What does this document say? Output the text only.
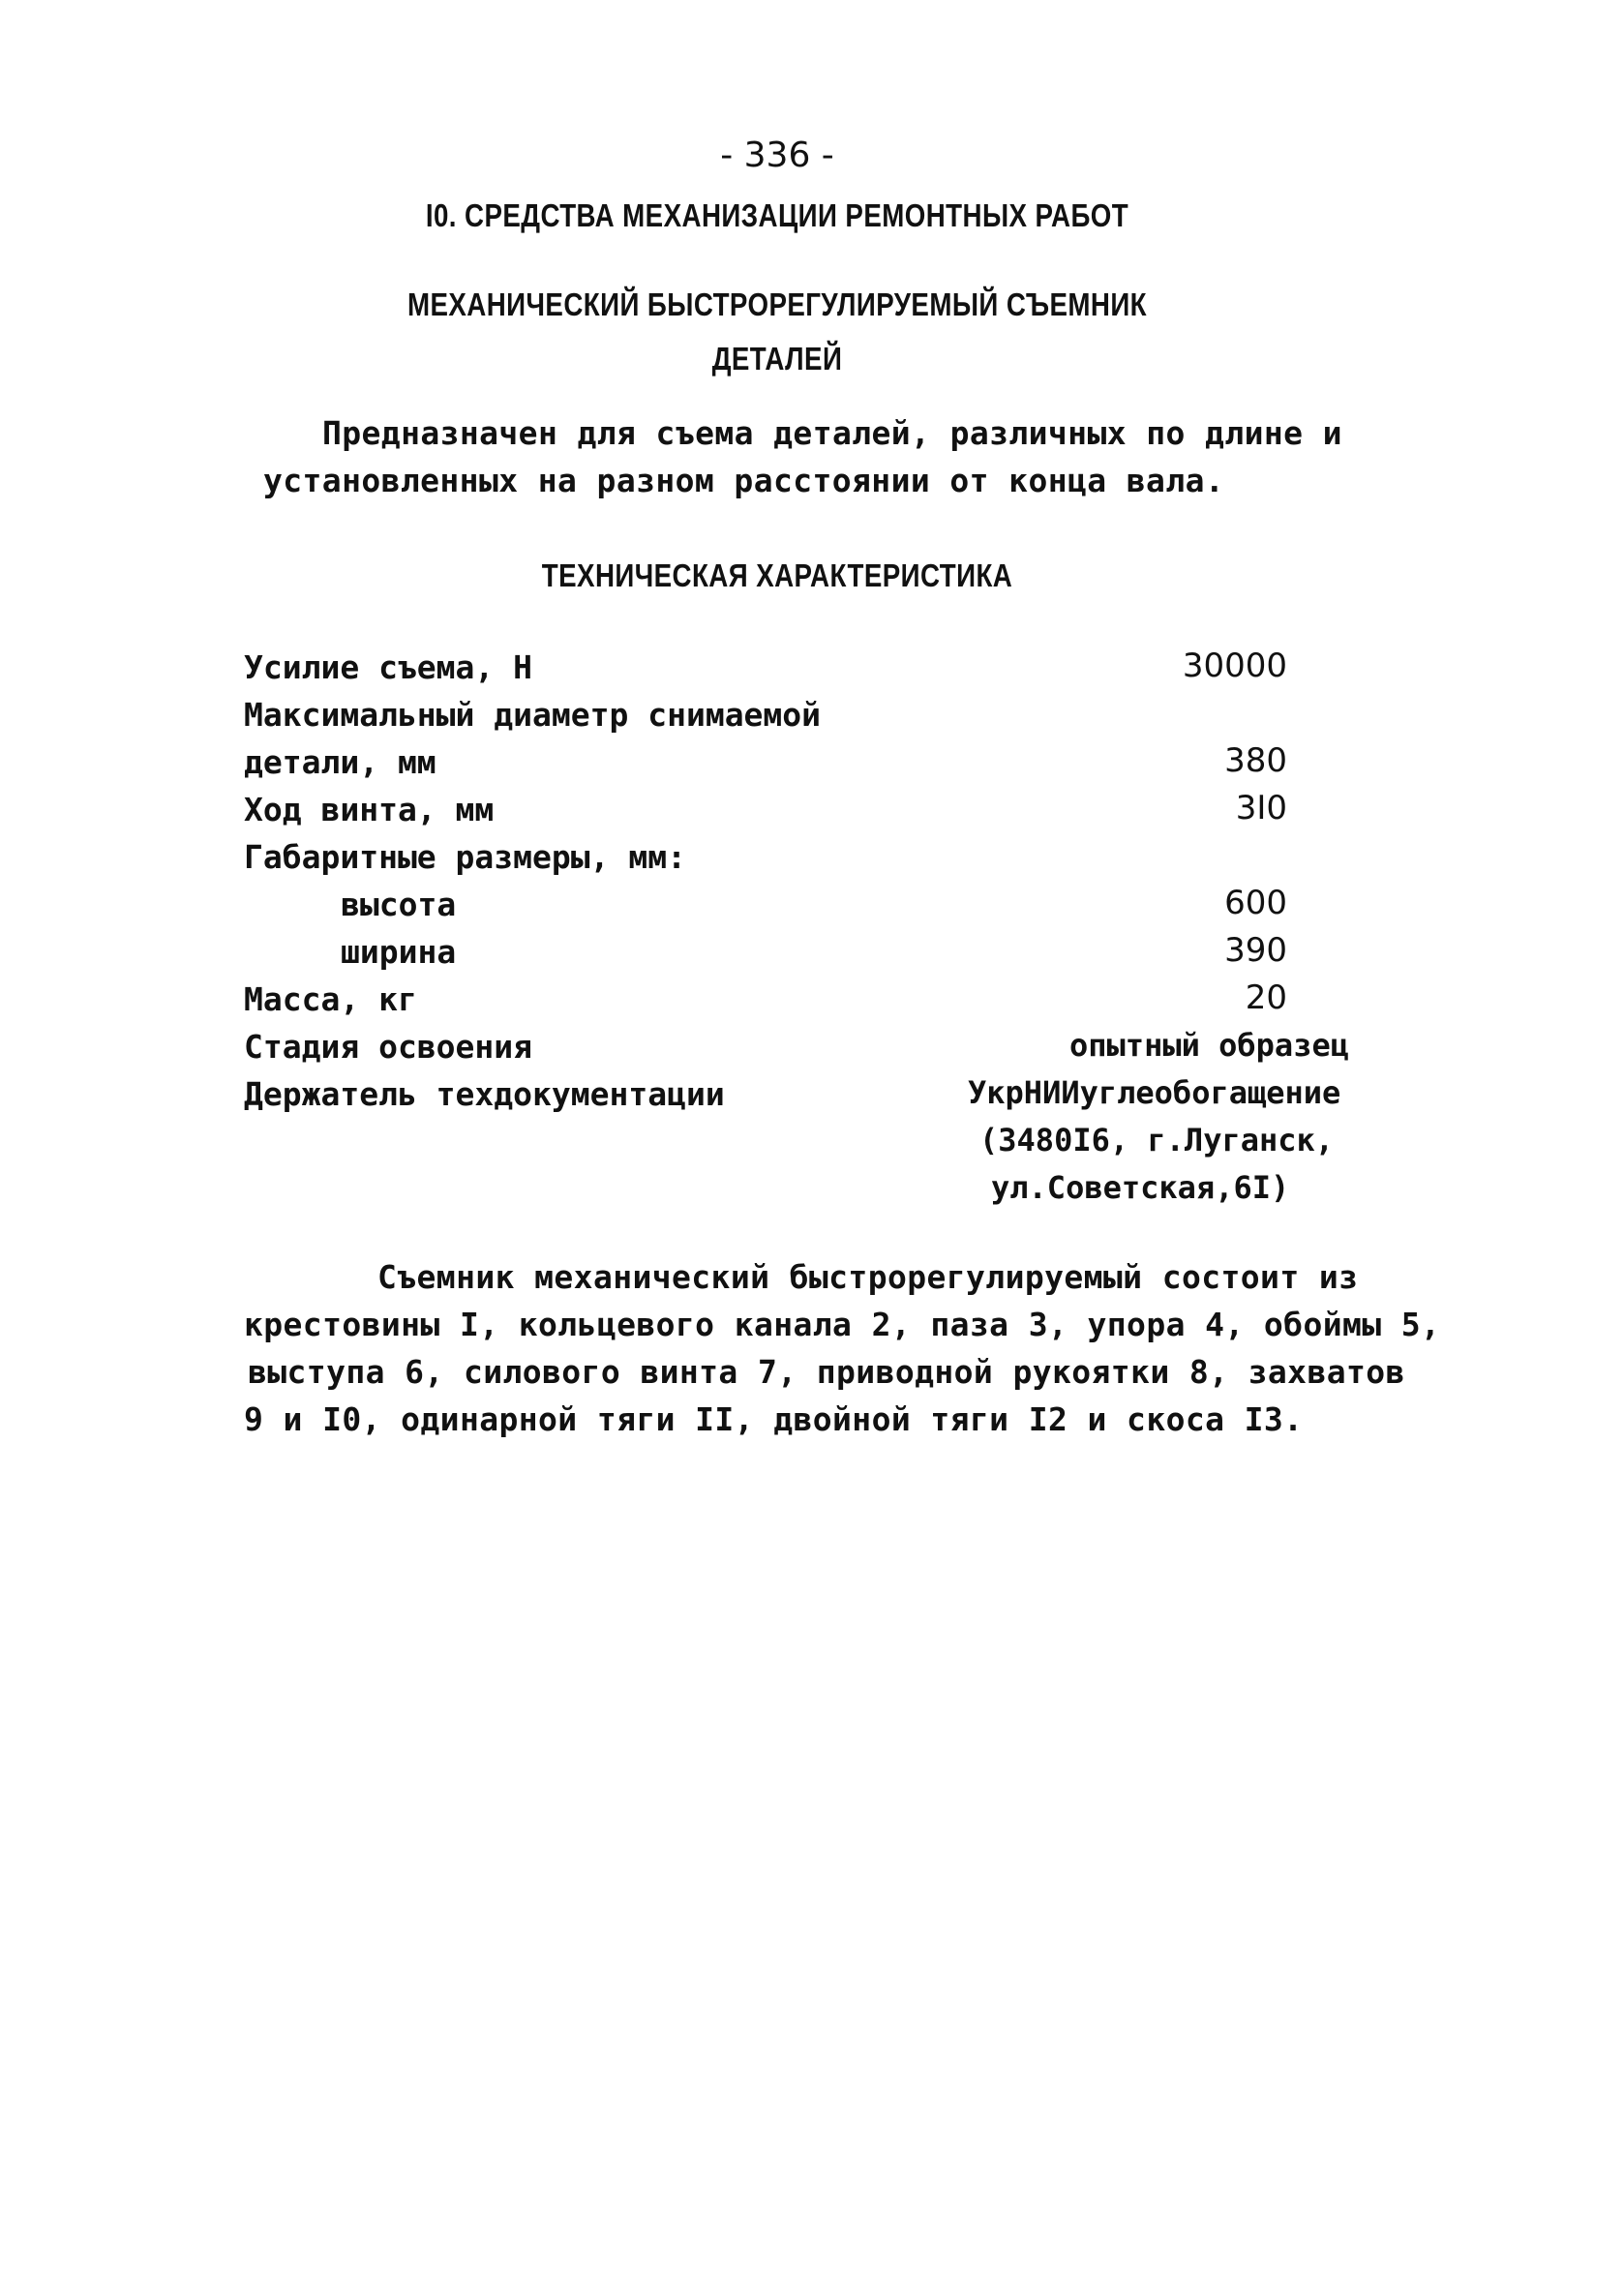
- 336 -
I0. СРЕДСТВА МЕХАНИЗАЦИИ РЕМОНТНЫХ РАБОТ
МЕХАНИЧЕСКИЙ БЫСТРОРЕГУЛИРУЕМЫЙ СЪЕМНИК
ДЕТАЛЕЙ
Предназначен для съема деталей, различных по длине и
установленных на разном расстоянии от конца вала.
ТЕХНИЧЕСКАЯ ХАРАКТЕРИСТИКА
Усилие съема, Н	30000
Максимальный диаметр снимаемой
детали, мм	380
Ход винта, мм	3I0
Габаритные размеры, мм:
высота	600
ширина	390
Масса, кг	20
Стадия освоения	опытный образец
Держатель техдокументации	УкрНИИуглеобогащение
(3480I6, г.Луганск,
ул.Советская,6I)
Съемник механический быстрорегулируемый состоит из
крестовины I, кольцевого канала 2, паза 3, упора 4, обоймы 5,
выступа 6, силового винта 7, приводной рукоятки 8, захватов
9 и I0, одинарной тяги II, двойной тяги I2 и скоса I3.
